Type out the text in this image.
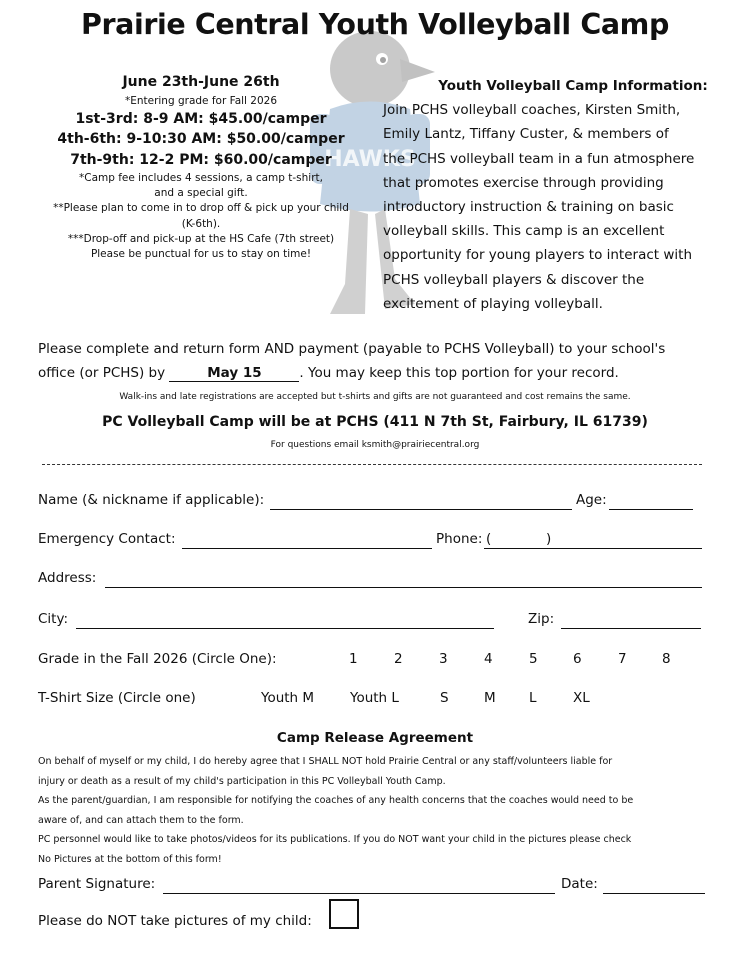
Prairie Central Youth Volleyball Camp
HAWKS
June 23th-June 26th
*Entering grade for Fall 2026
1st-3rd: 8-9 AM: $45.00/camper
4th-6th: 9-10:30 AM: $50.00/camper
7th-9th: 12-2 PM: $60.00/camper
*Camp fee includes 4 sessions, a camp t-shirt,
and a special gift.
**Please plan to come in to drop off & pick up your child
(K-6th).
***Drop-off and pick-up at the HS Cafe (7th street)
Please be punctual for us to stay on time!
Youth Volleyball Camp Information:
Join PCHS volleyball coaches, Kirsten Smith,
Emily Lantz, Tiffany Custer, & members of
the PCHS volleyball team in a fun atmosphere
that promotes exercise through providing
introductory instruction & training on basic
volleyball skills. This camp is an excellent
opportunity for young players to interact with
PCHS volleyball players & discover the
excitement of playing volleyball.
Please complete and return form AND payment (payable to PCHS Volleyball) to your school's
office (or PCHS) by	May 15	. You may keep this top portion for your record.
Walk-ins and late registrations are accepted but t-shirts and gifts are not guaranteed and cost remains the same.
PC Volleyball Camp will be at PCHS (411 N 7th St, Fairbury, IL 61739)
For questions email ksmith@prairiecentral.org
Name (& nickname if applicable):	Age:
Emergency Contact:	Phone: (	)
Address:
City:	Zip:
Grade in the Fall 2026 (Circle One):	1	2	3	4	5	6	7	8
T-Shirt Size (Circle one)	Youth M	Youth L	S	M L	XL
Camp Release Agreement
On behalf of myself or my child, I do hereby agree that I SHALL NOT hold Prairie Central or any staff/volunteers liable for
injury or death as a result of my child's participation in this PC Volleyball Youth Camp.
As the parent/guardian, I am responsible for notifying the coaches of any health concerns that the coaches would need to be
aware of, and can attach them to the form.
PC personnel would like to take photos/videos for its publications. If you do NOT want your child in the pictures please check
No Pictures at the bottom of this form!
Parent Signature:	Date:
Please do NOT take pictures of my child:
